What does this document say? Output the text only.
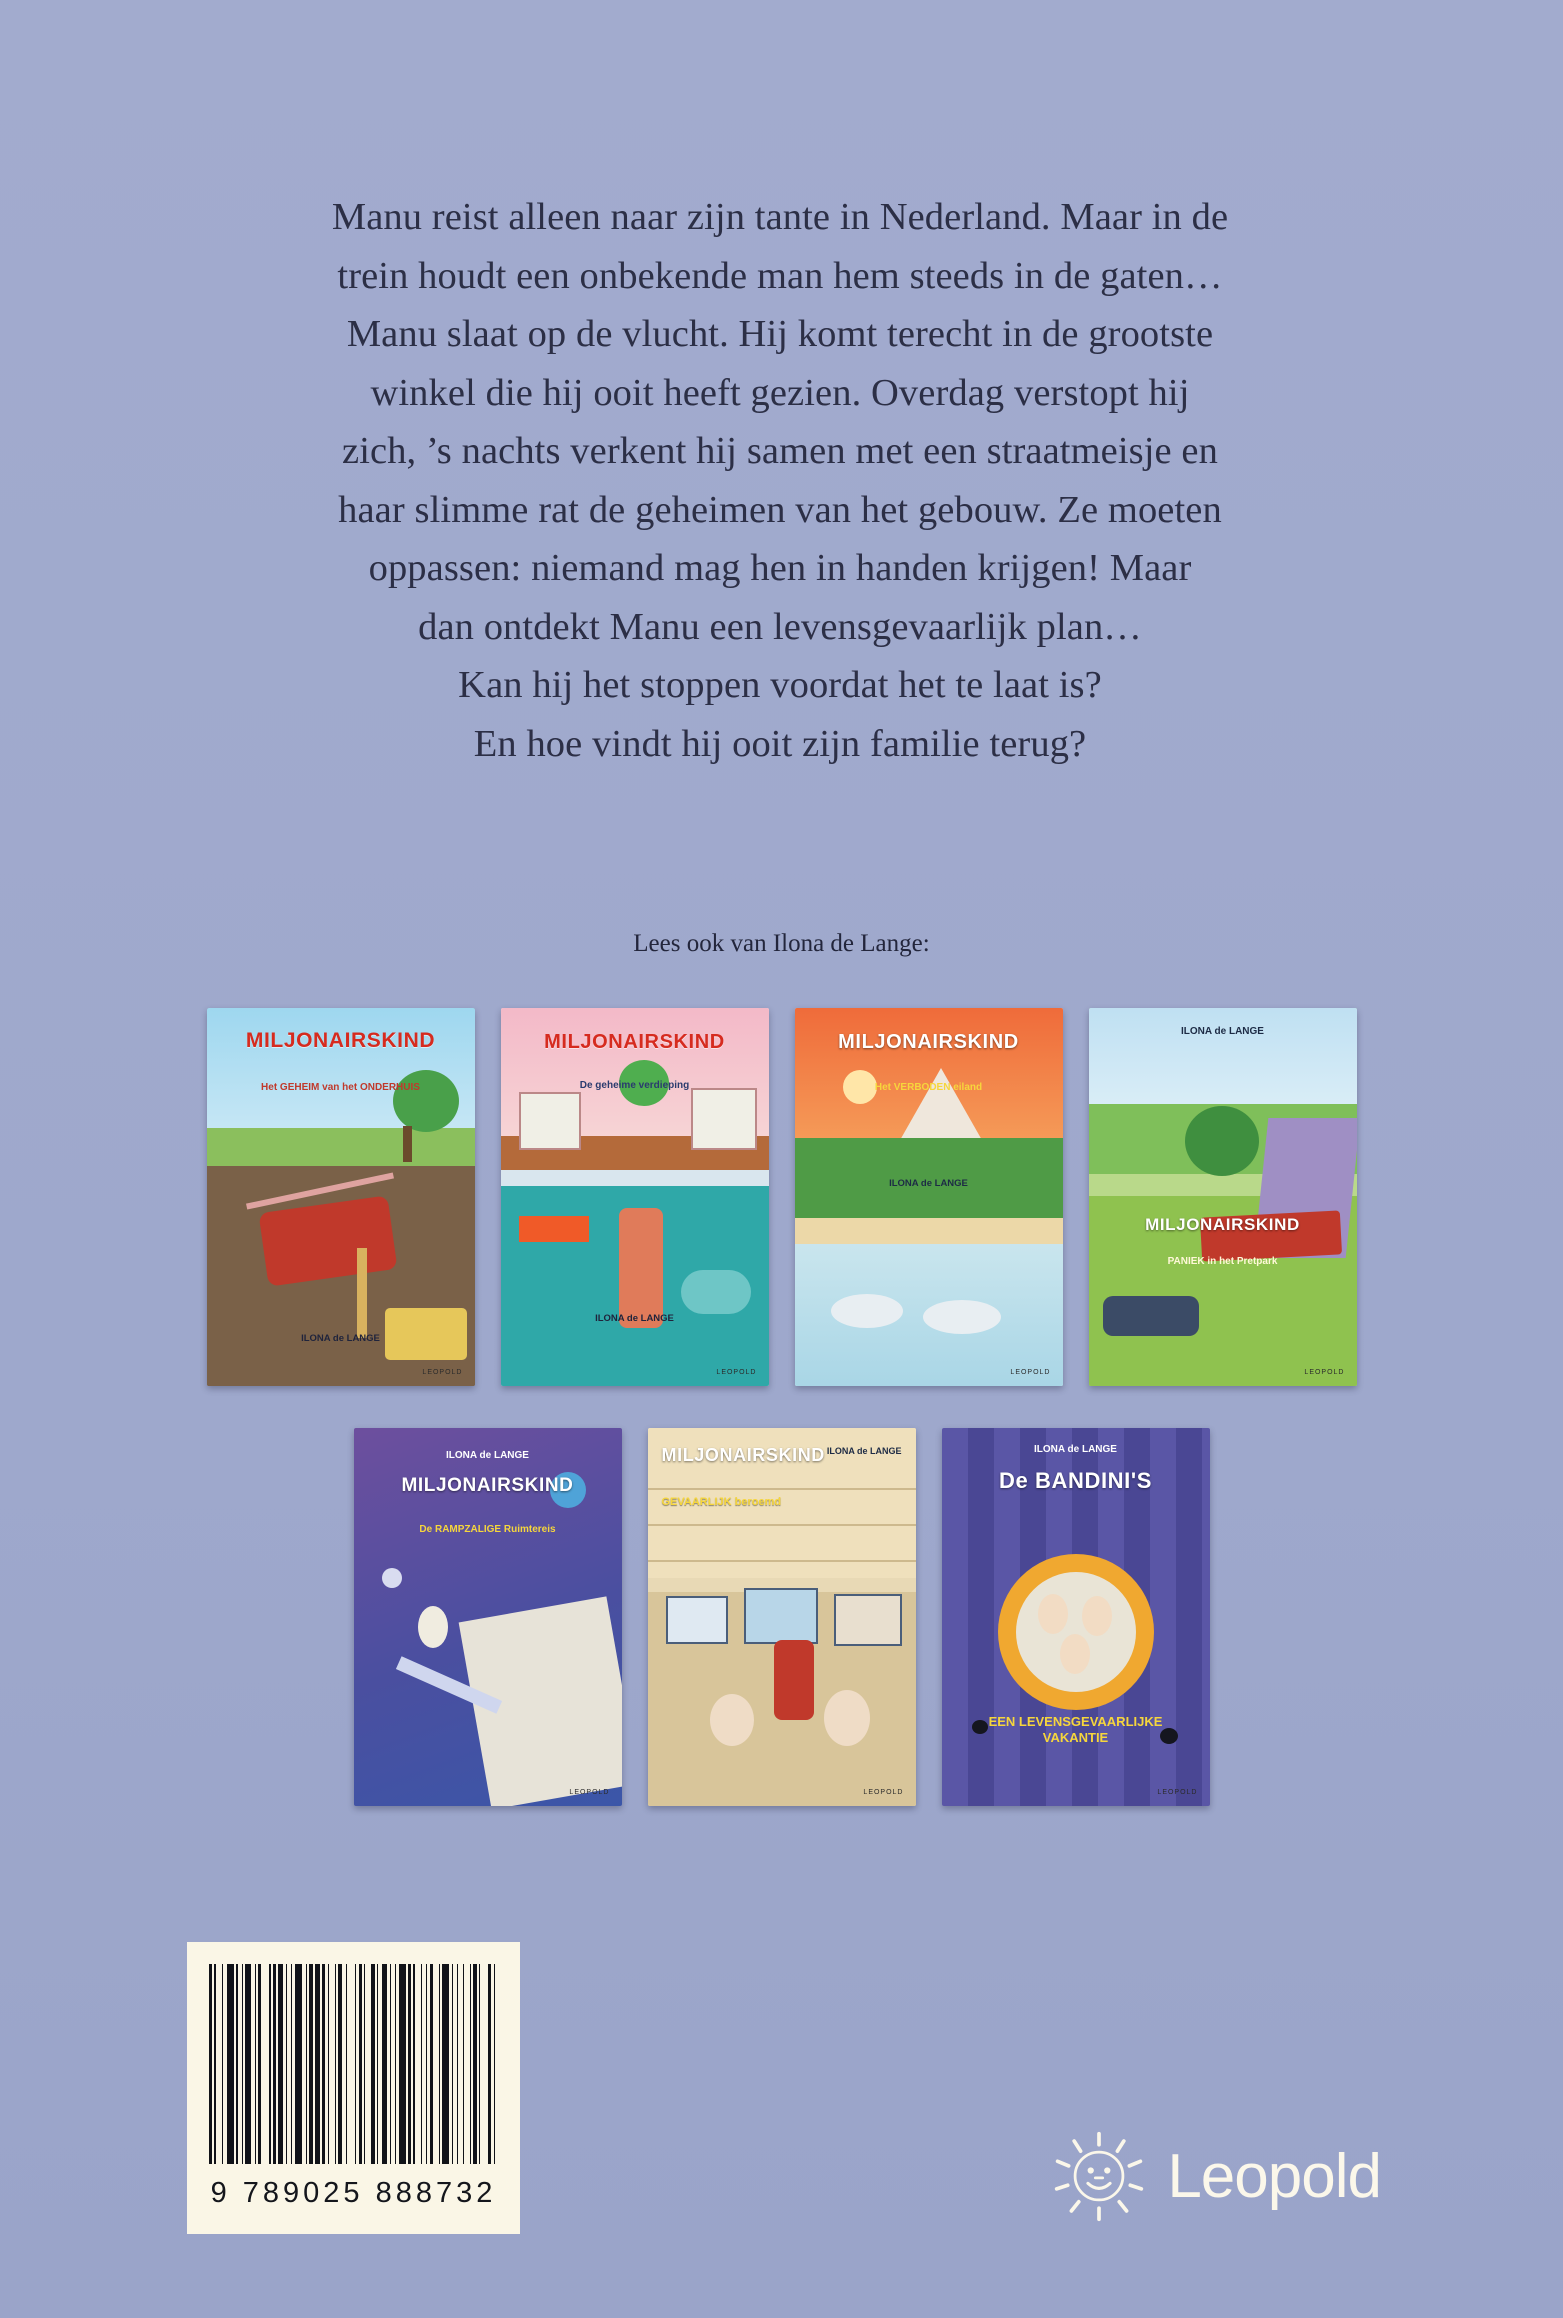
Manu reist alleen naar zijn tante in Nederland. Maar in de

trein houdt een onbekende man hem steeds in de gaten…

Manu slaat op de vlucht. Hij komt terecht in de grootste

winkel die hij ooit heeft gezien. Overdag verstopt hij

zich, ’s nachts verkent hij samen met een straatmeisje en

haar slimme rat de geheimen van het gebouw. Ze moeten

oppassen: niemand mag hen in handen krijgen! Maar

dan ontdekt Manu een levensgevaarlijk plan…

Kan hij het stoppen voordat het te laat is?

En hoe vindt hij ooit zijn familie terug?

Lees ook van Ilona de Lange:
MILJONAIRSKIND
Het GEHEIM van het ONDERHUIS
ILONA de LANGE
LEOPOLD
MILJONAIRSKIND
De geheime verdieping
ILONA de LANGE
LEOPOLD
MILJONAIRSKIND
Het VERBODEN eiland
ILONA de LANGE
LEOPOLD
ILONA de LANGE
MILJONAIRSKIND
PANIEK in het Pretpark
LEOPOLD
ILONA de LANGE
MILJONAIRSKIND
De RAMPZALIGE Ruimtereis
LEOPOLD
MILJONAIRSKIND ILONA de LANGE
GEVAARLIJK beroemd
LEOPOLD
ILONA de LANGE
De BANDINI'S
EEN LEVENSGEVAARLIJKE VAKANTIE
LEOPOLD
9 789025 888732	Leopold
